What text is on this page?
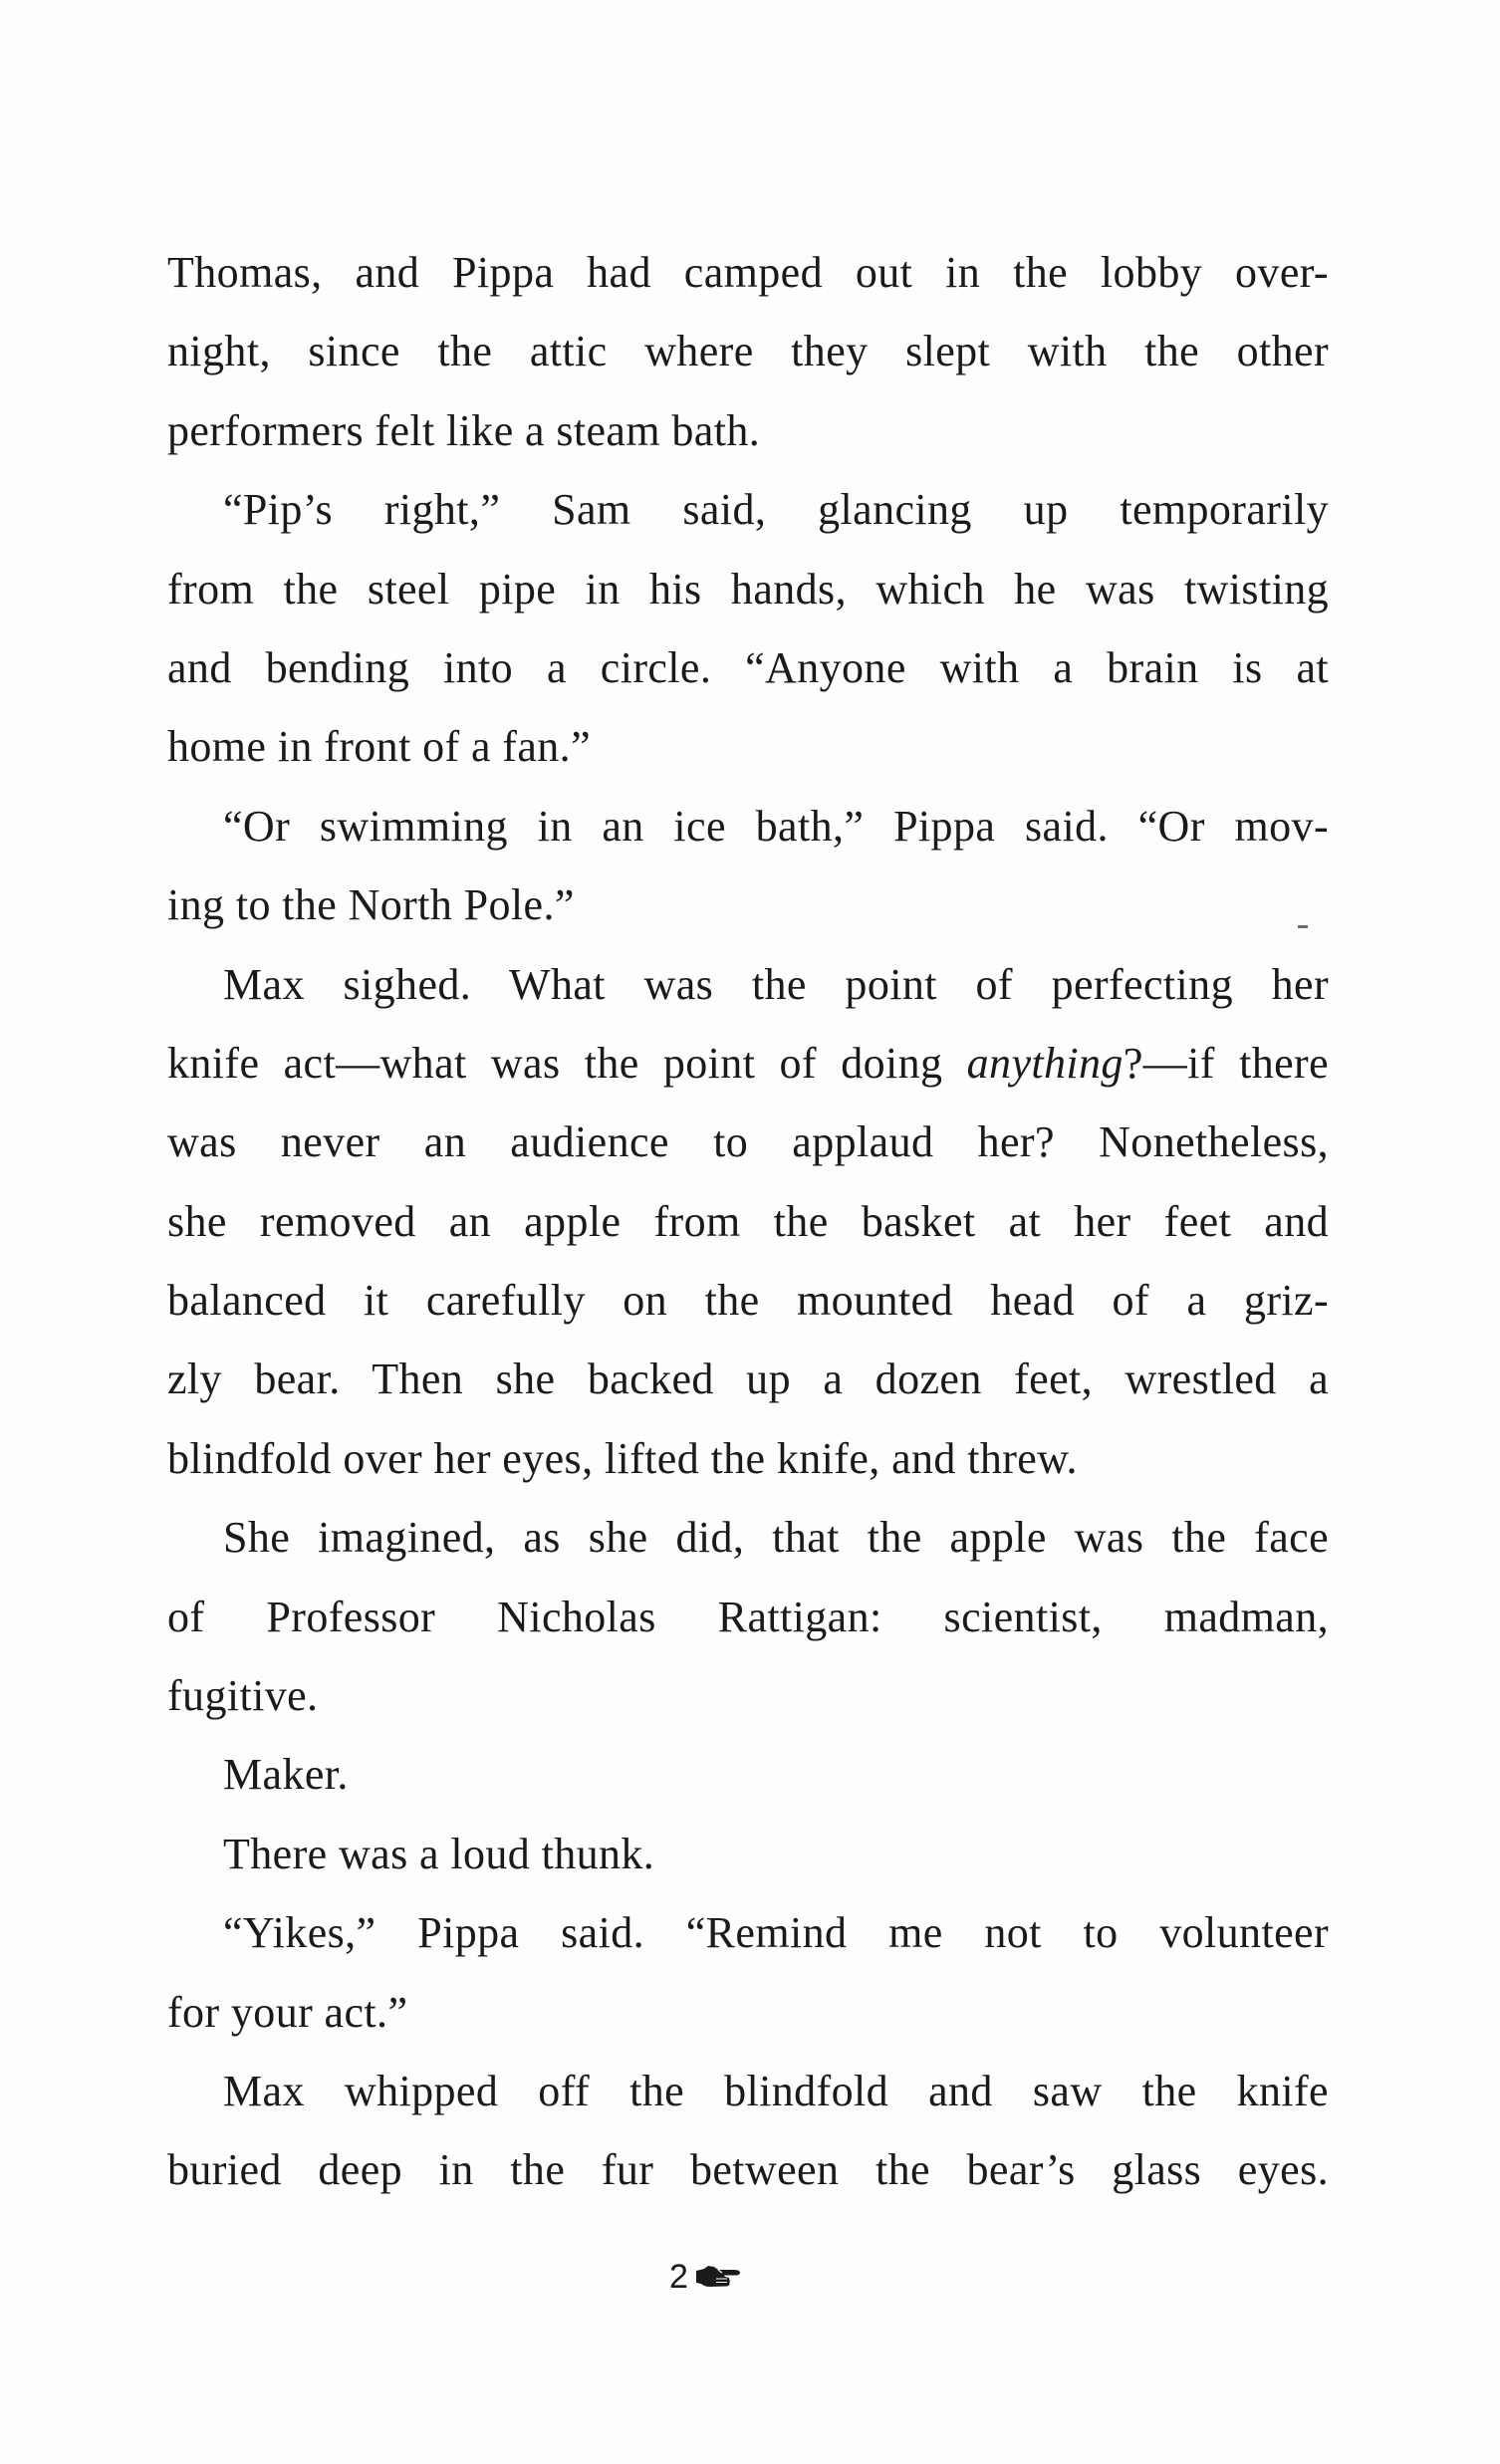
Thomas, and Pippa had camped out in the lobby over-
night, since the attic where they slept with the other
performers felt like a steam bath.
“Pip’s right,” Sam said, glancing up temporarily
from the steel pipe in his hands, which he was twisting
and bending into a circle. “Anyone with a brain is at
home in front of a fan.”
“Or swimming in an ice bath,” Pippa said. “Or mov-
ing to the North Pole.”
Max sighed. What was the point of perfecting her
knife act—what was the point of doing anything?—if there
was never an audience to applaud her? Nonetheless,
she removed an apple from the basket at her feet and
balanced it carefully on the mounted head of a griz-
zly bear. Then she backed up a dozen feet, wrestled a
blindfold over her eyes, lifted the knife, and threw.
She imagined, as she did, that the apple was the face
of Professor Nicholas Rattigan: scientist, madman,
fugitive.
Maker.
There was a loud thunk.
“Yikes,” Pippa said. “Remind me not to volunteer
for your act.”
Max whipped off the blindfold and saw the knife
buried deep in the fur between the bear’s glass eyes.
2
